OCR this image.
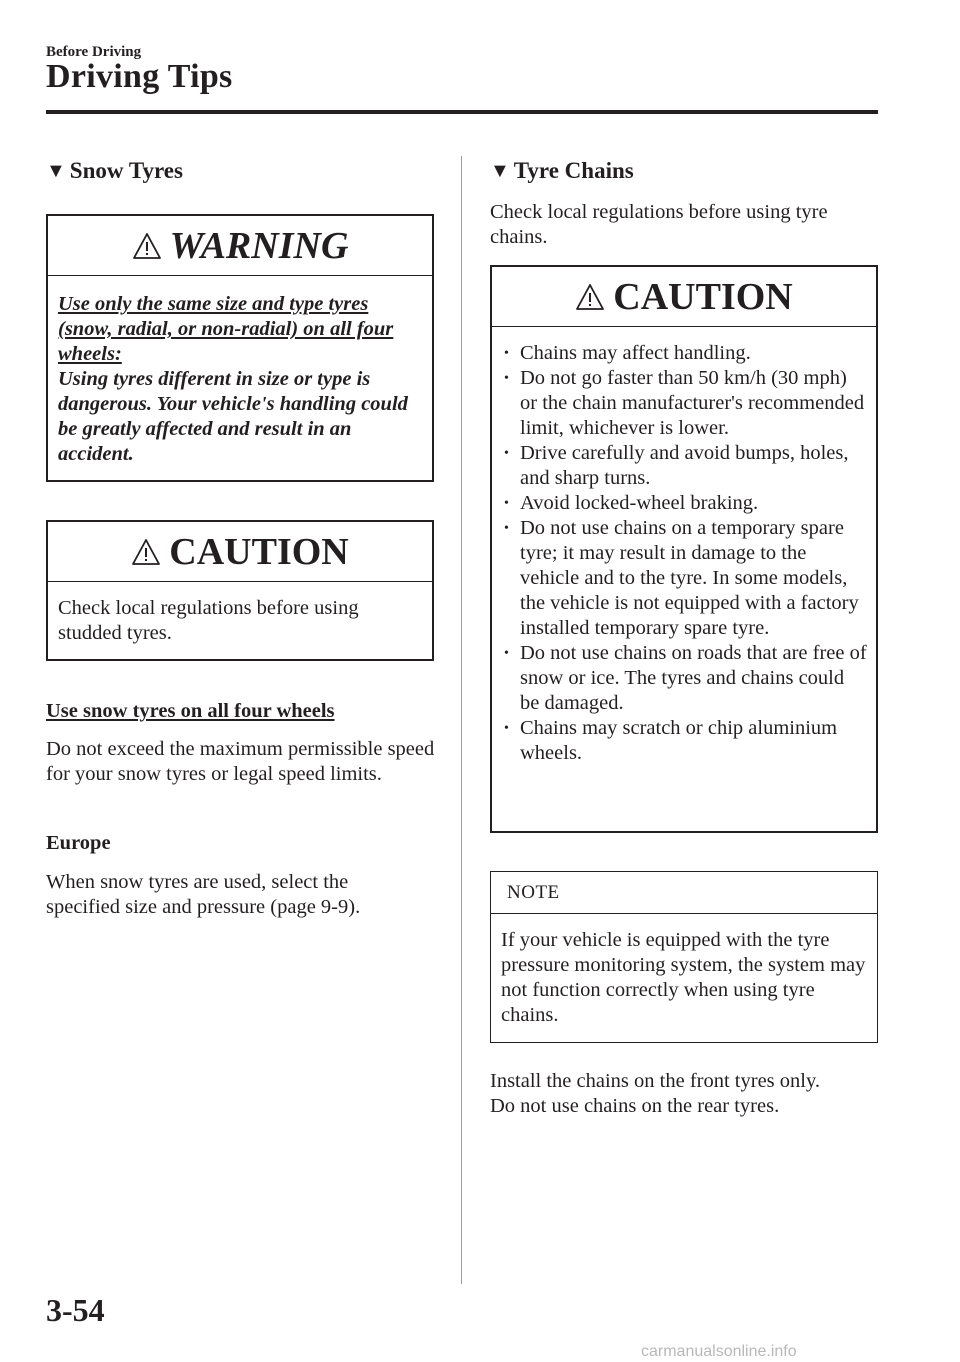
Before Driving
Driving Tips
▼ Snow Tyres
WARNING
Use only the same size and type tyres (snow, radial, or non-radial) on all four wheels:
Using tyres different in size or type is dangerous. Your vehicle's handling could be greatly affected and result in an accident.
CAUTION
Check local regulations before using studded tyres.
Use snow tyres on all four wheels
Do not exceed the maximum permissible speed for your snow tyres or legal speed limits.
Europe
When snow tyres are used, select the specified size and pressure (page 9-9).
▼ Tyre Chains
Check local regulations before using tyre chains.
CAUTION
• Chains may affect handling.
• Do not go faster than 50 km/h (30 mph) or the chain manufacturer's recommended limit, whichever is lower.
• Drive carefully and avoid bumps, holes, and sharp turns.
• Avoid locked-wheel braking.
• Do not use chains on a temporary spare tyre; it may result in damage to the vehicle and to the tyre. In some models, the vehicle is not equipped with a factory installed temporary spare tyre.
• Do not use chains on roads that are free of snow or ice. The tyres and chains could be damaged.
• Chains may scratch or chip aluminium wheels.
NOTE
If your vehicle is equipped with the tyre pressure monitoring system, the system may not function correctly when using tyre chains.
Install the chains on the front tyres only.
Do not use chains on the rear tyres.
3-54
carmanualsonline.info
